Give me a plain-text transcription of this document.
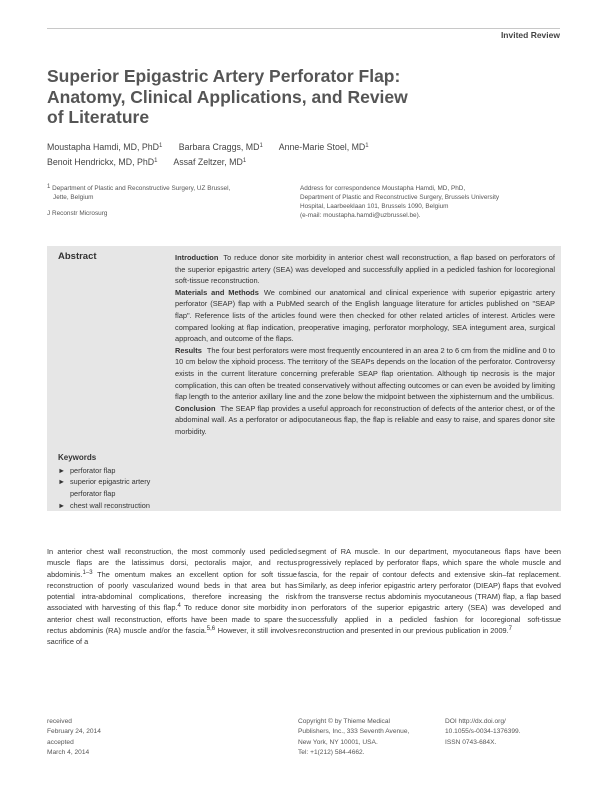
Invited Review
Superior Epigastric Artery Perforator Flap:
Anatomy, Clinical Applications, and Review
of Literature
Moustapha Hamdi, MD, PhD$^1$ Barbara Craggs, $MD^1$ Anne-Marie Stoel, $MD^1$
Benoit Hendrickx, MD, PhD$^1$ Assaf Zeltzer, $MD^1$
$^1$ Department of Plastic and Reconstructive Surgery, UZ Brussel,
Jette, Belgium
J Reconstr Microsurg
Address for correspondence Moustapha Hamdi, MD, PhD,
Department of Plastic and Reconstructive Surgery, Brussels University
Hospital, Laarbeeklaan 101, Brussels 1090, Belgium
(e-mail: moustapha.hamdi@uzbrussel.be).
Abstract	Introduction To reduce donor site morbidity in anterior chest wall reconstruction, a flap based on perforators of the superior epigastric artery (SEA) was developed and successfully applied in a pedicled fashion for locoregional soft-tissue reconstruction.
Materials and Methods We combined our anatomical and clinical experience with superior epigastric artery perforator (SEAP) flap with a PubMed search of the English language literature for articles published on "SEAP flap". Reference lists of the articles found were then checked for other related articles of interest. Articles were compared looking at flap indication, preoperative imaging, perforator morphology, SEA integument area, surgical approach, and outcome of the flaps.
Results The four best perforators were most frequently encountered in an area 2 to 6 cm from the midline and 0 to 10 cm below the xiphoid process. The territory of the SEAPs depends on the location of the perforator. Controversy exists in the current literature concerning preferable SEAP flap orientation. Although tip necrosis is the major complication, this can often be treated conservatively without affecting outcomes or can even be avoided by limiting flap length to the anterior axillary line and the zone below the midpoint between the xiphisternum and the umbilicus.
Conclusion The SEAP flap provides a useful approach for reconstruction of defects of the anterior chest, or of the abdominal wall. As a perforator or adipocutaneous flap, the flap is reliable and easy to raise, and spares donor site morbidity.
Keywords
► perforator flap
► superior epigastric artery perforator flap
► chest wall reconstruction
In anterior chest wall reconstruction, the most commonly used pedicled muscle flaps are the latissimus dorsi, pectoralis major, and rectus abdominis.$^{1-3}$ The omentum makes an excellent option for soft tissue reconstruction of poorly vascularized wound beds in that area but has potential intra-abdominal complications, therefore increasing the risk associated with harvesting of this flap.$^4$ To reduce donor site morbidity in anterior chest wall reconstruction, efforts have been made to spare the rectus abdominis (RA) muscle and/or the fascia.$^{5,6}$ However, it still involves sacrifice of a
segment of RA muscle. In our department, myocutaneous flaps have been progressively replaced by perforator flaps, which spare the whole muscle and fascia, for the repair of contour defects and extensive skin–fat replacement. Similarly, as deep inferior epigastric artery perforator (DIEAP) flaps that evolved from the transverse rectus abdominis myocutaneous (TRAM) flap, a flap based on perforators of the superior epigastric artery (SEA) was developed and successfully applied in a pedicled fashion for locoregional soft-tissue reconstruction and presented in our previous publication in 2009.$^7$
received
February 24, 2014
accepted
March 4, 2014
Copyright © by Thieme Medical
Publishers, Inc., 333 Seventh Avenue,
New York, NY 10001, USA.
Tel: +1(212) 584-4662.
DOI http://dx.doi.org/
10.1055/s-0034-1376399.
ISSN 0743-684X.
